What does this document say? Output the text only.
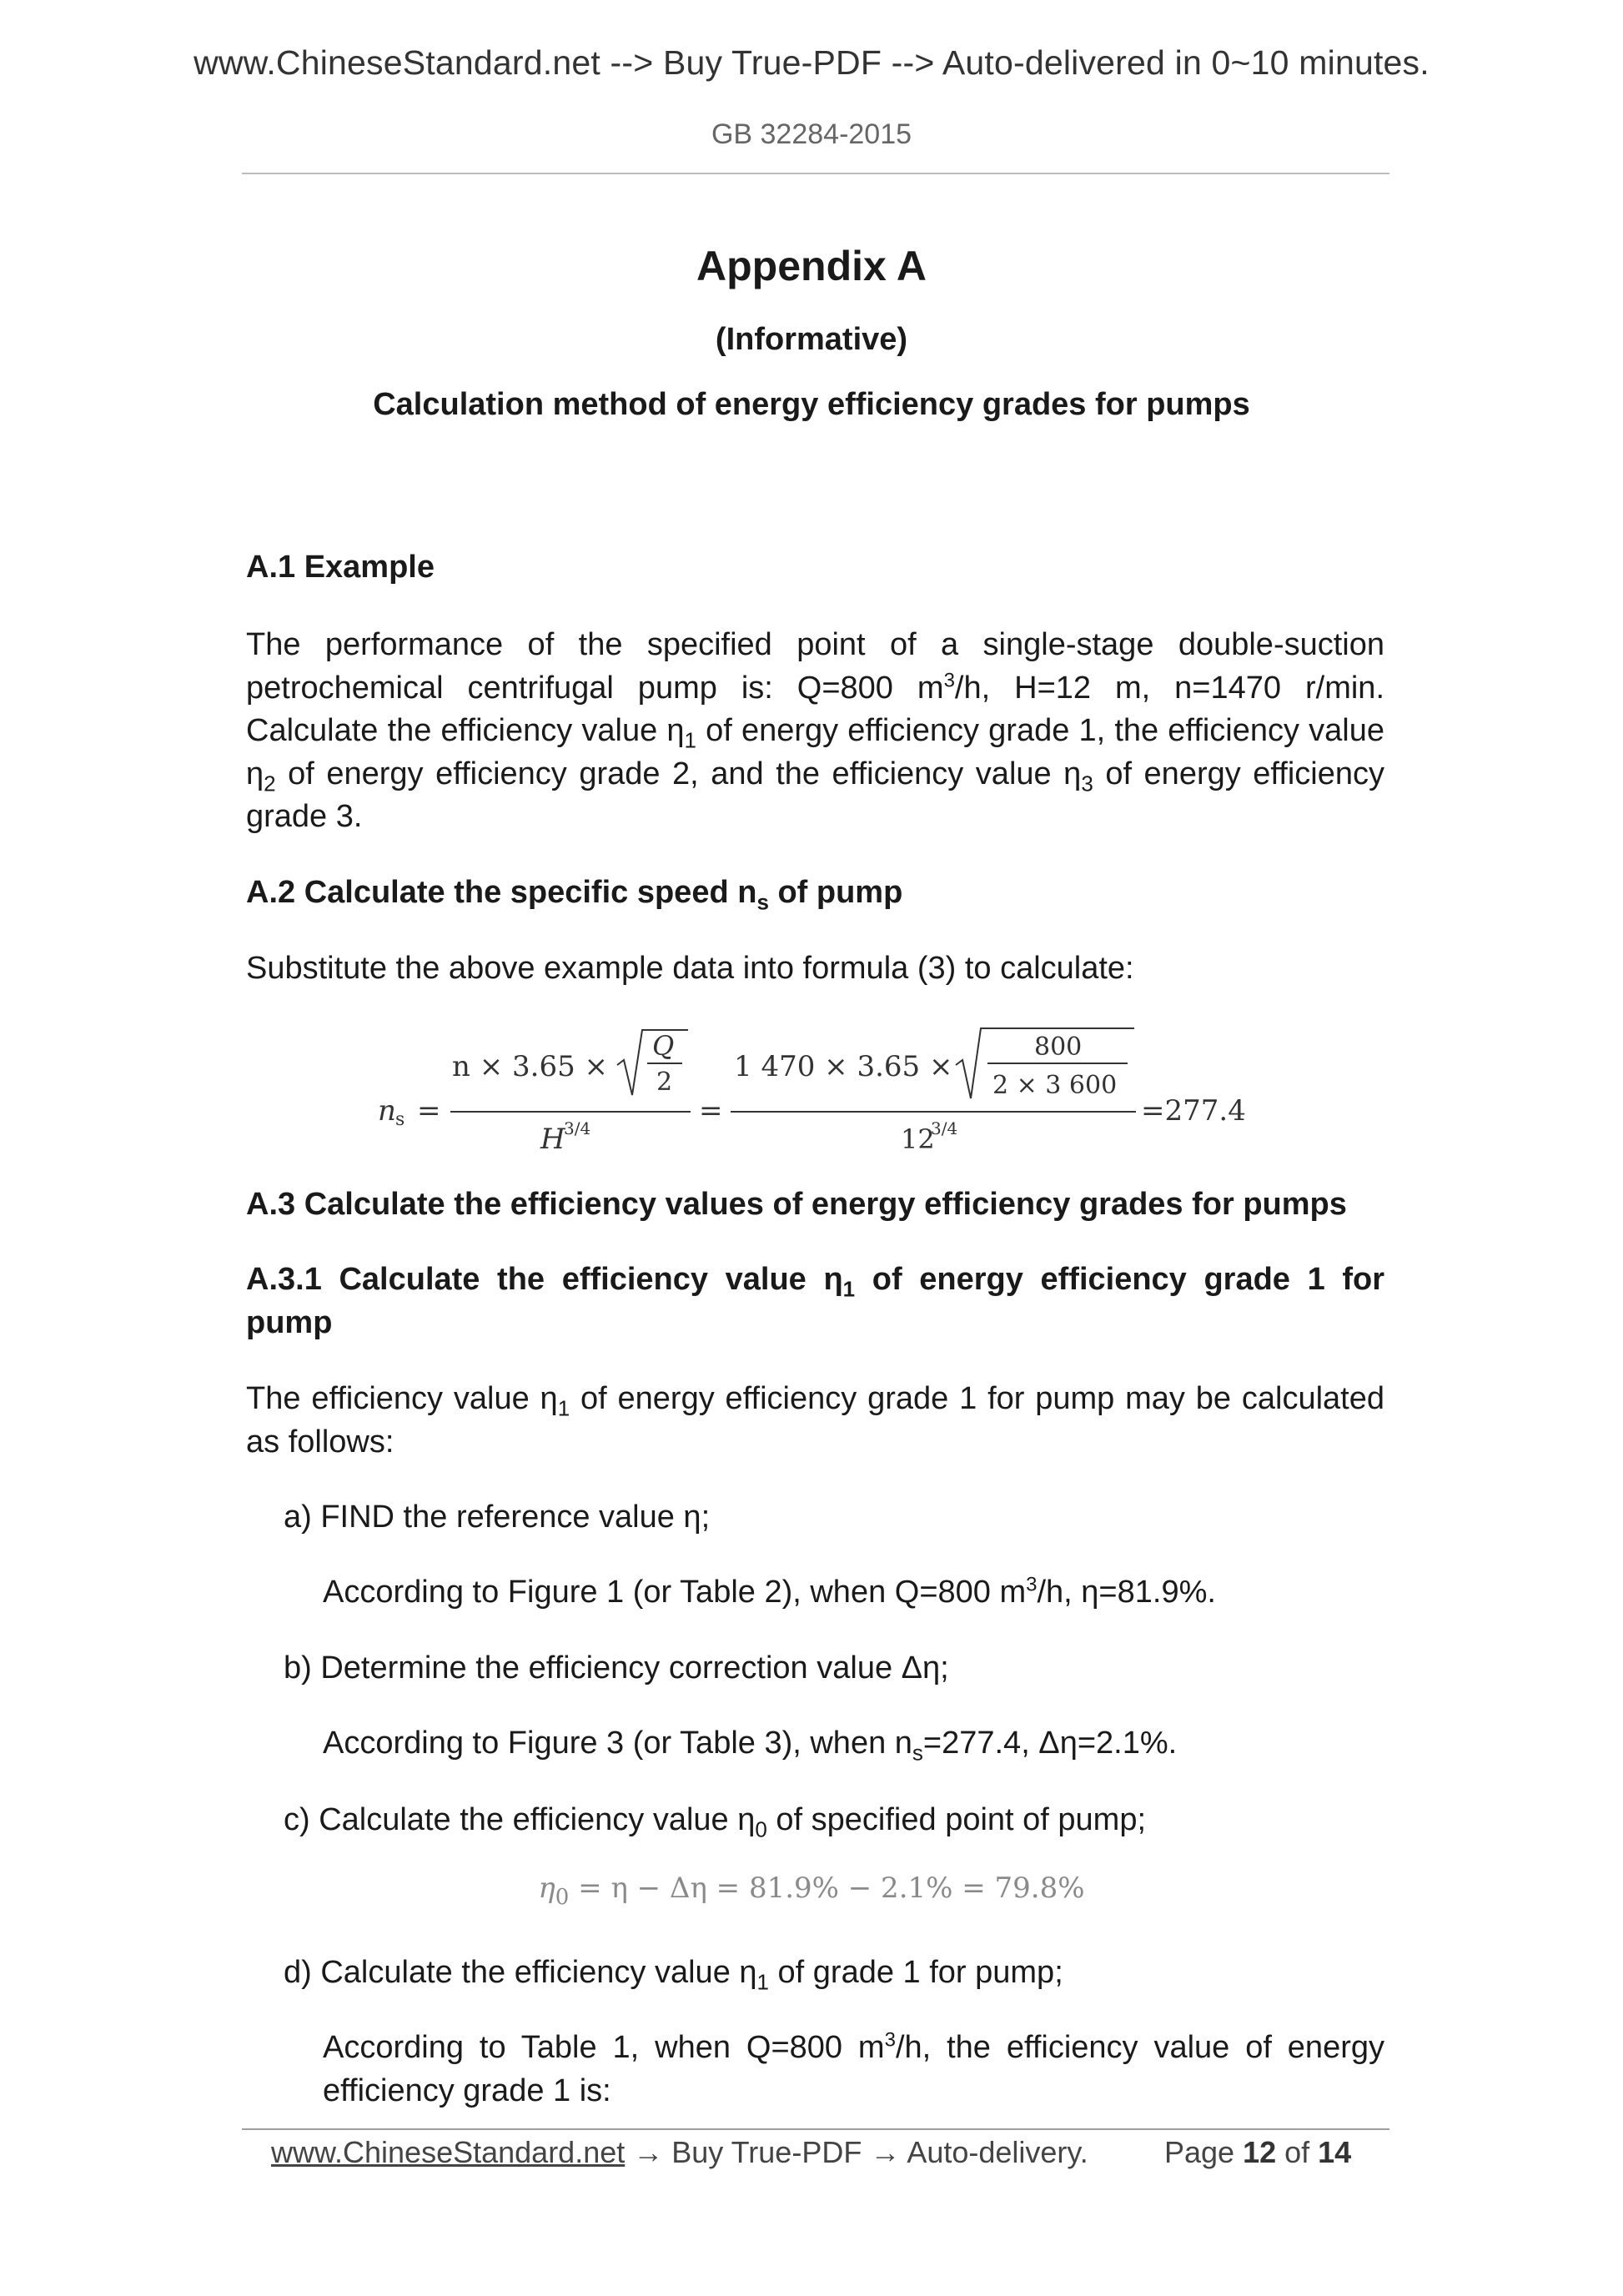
www.ChineseStandard.net --> Buy True-PDF --> Auto-delivered in 0~10 minutes.
GB 32284-2015
Appendix A
(Informative)
Calculation method of energy efficiency grades for pumps
A.1 Example
The performance of the specified point of a single-stage double-suction petrochemical centrifugal pump is: Q=800 $m^3/h$, H=12 m, n=1470 r/min. Calculate the efficiency value $\eta_1$ of energy efficiency grade 1, the efficiency value $\eta_2$ of energy efficiency grade 2, and the efficiency value $\eta_3$ of energy efficiency grade 3.
A.2 Calculate the specific speed $n_s$ of pump
Substitute the above example data into formula (3) to calculate:
n s =
n × 3.65 ×
Q
2
H
3/4
=
1 470 × 3.65 ×
800
2 × 3 600
12
3/4
=277.4
A.3 Calculate the efficiency values of energy efficiency grades for pumps
A.3.1 Calculate the efficiency value $\eta_1$ of energy efficiency grade 1 for pump
The efficiency value $\eta_1$ of energy efficiency grade 1 for pump may be calculated as follows:
a) FIND the reference value η;
According to Figure 1 (or Table 2), when Q=800 $m^3/h$, η=81.9%.
b) Determine the efficiency correction value Δη;
According to Figure 3 (or Table 3), when $n_s=277.4$, Δη=2.1%.
c) Calculate the efficiency value $\eta_0$ of specified point of pump;
$\eta_0 = \eta - \Delta\eta = 81.9\% - 2.1\% = 79.8\%$
d) Calculate the efficiency value $\eta_1$ of grade 1 for pump;
According to Table 1, when Q=800 $m^3/h$, the efficiency value of energy efficiency grade 1 is:
www.ChineseStandard.net → Buy True-PDF → Auto-delivery.	Page 12 of 14
